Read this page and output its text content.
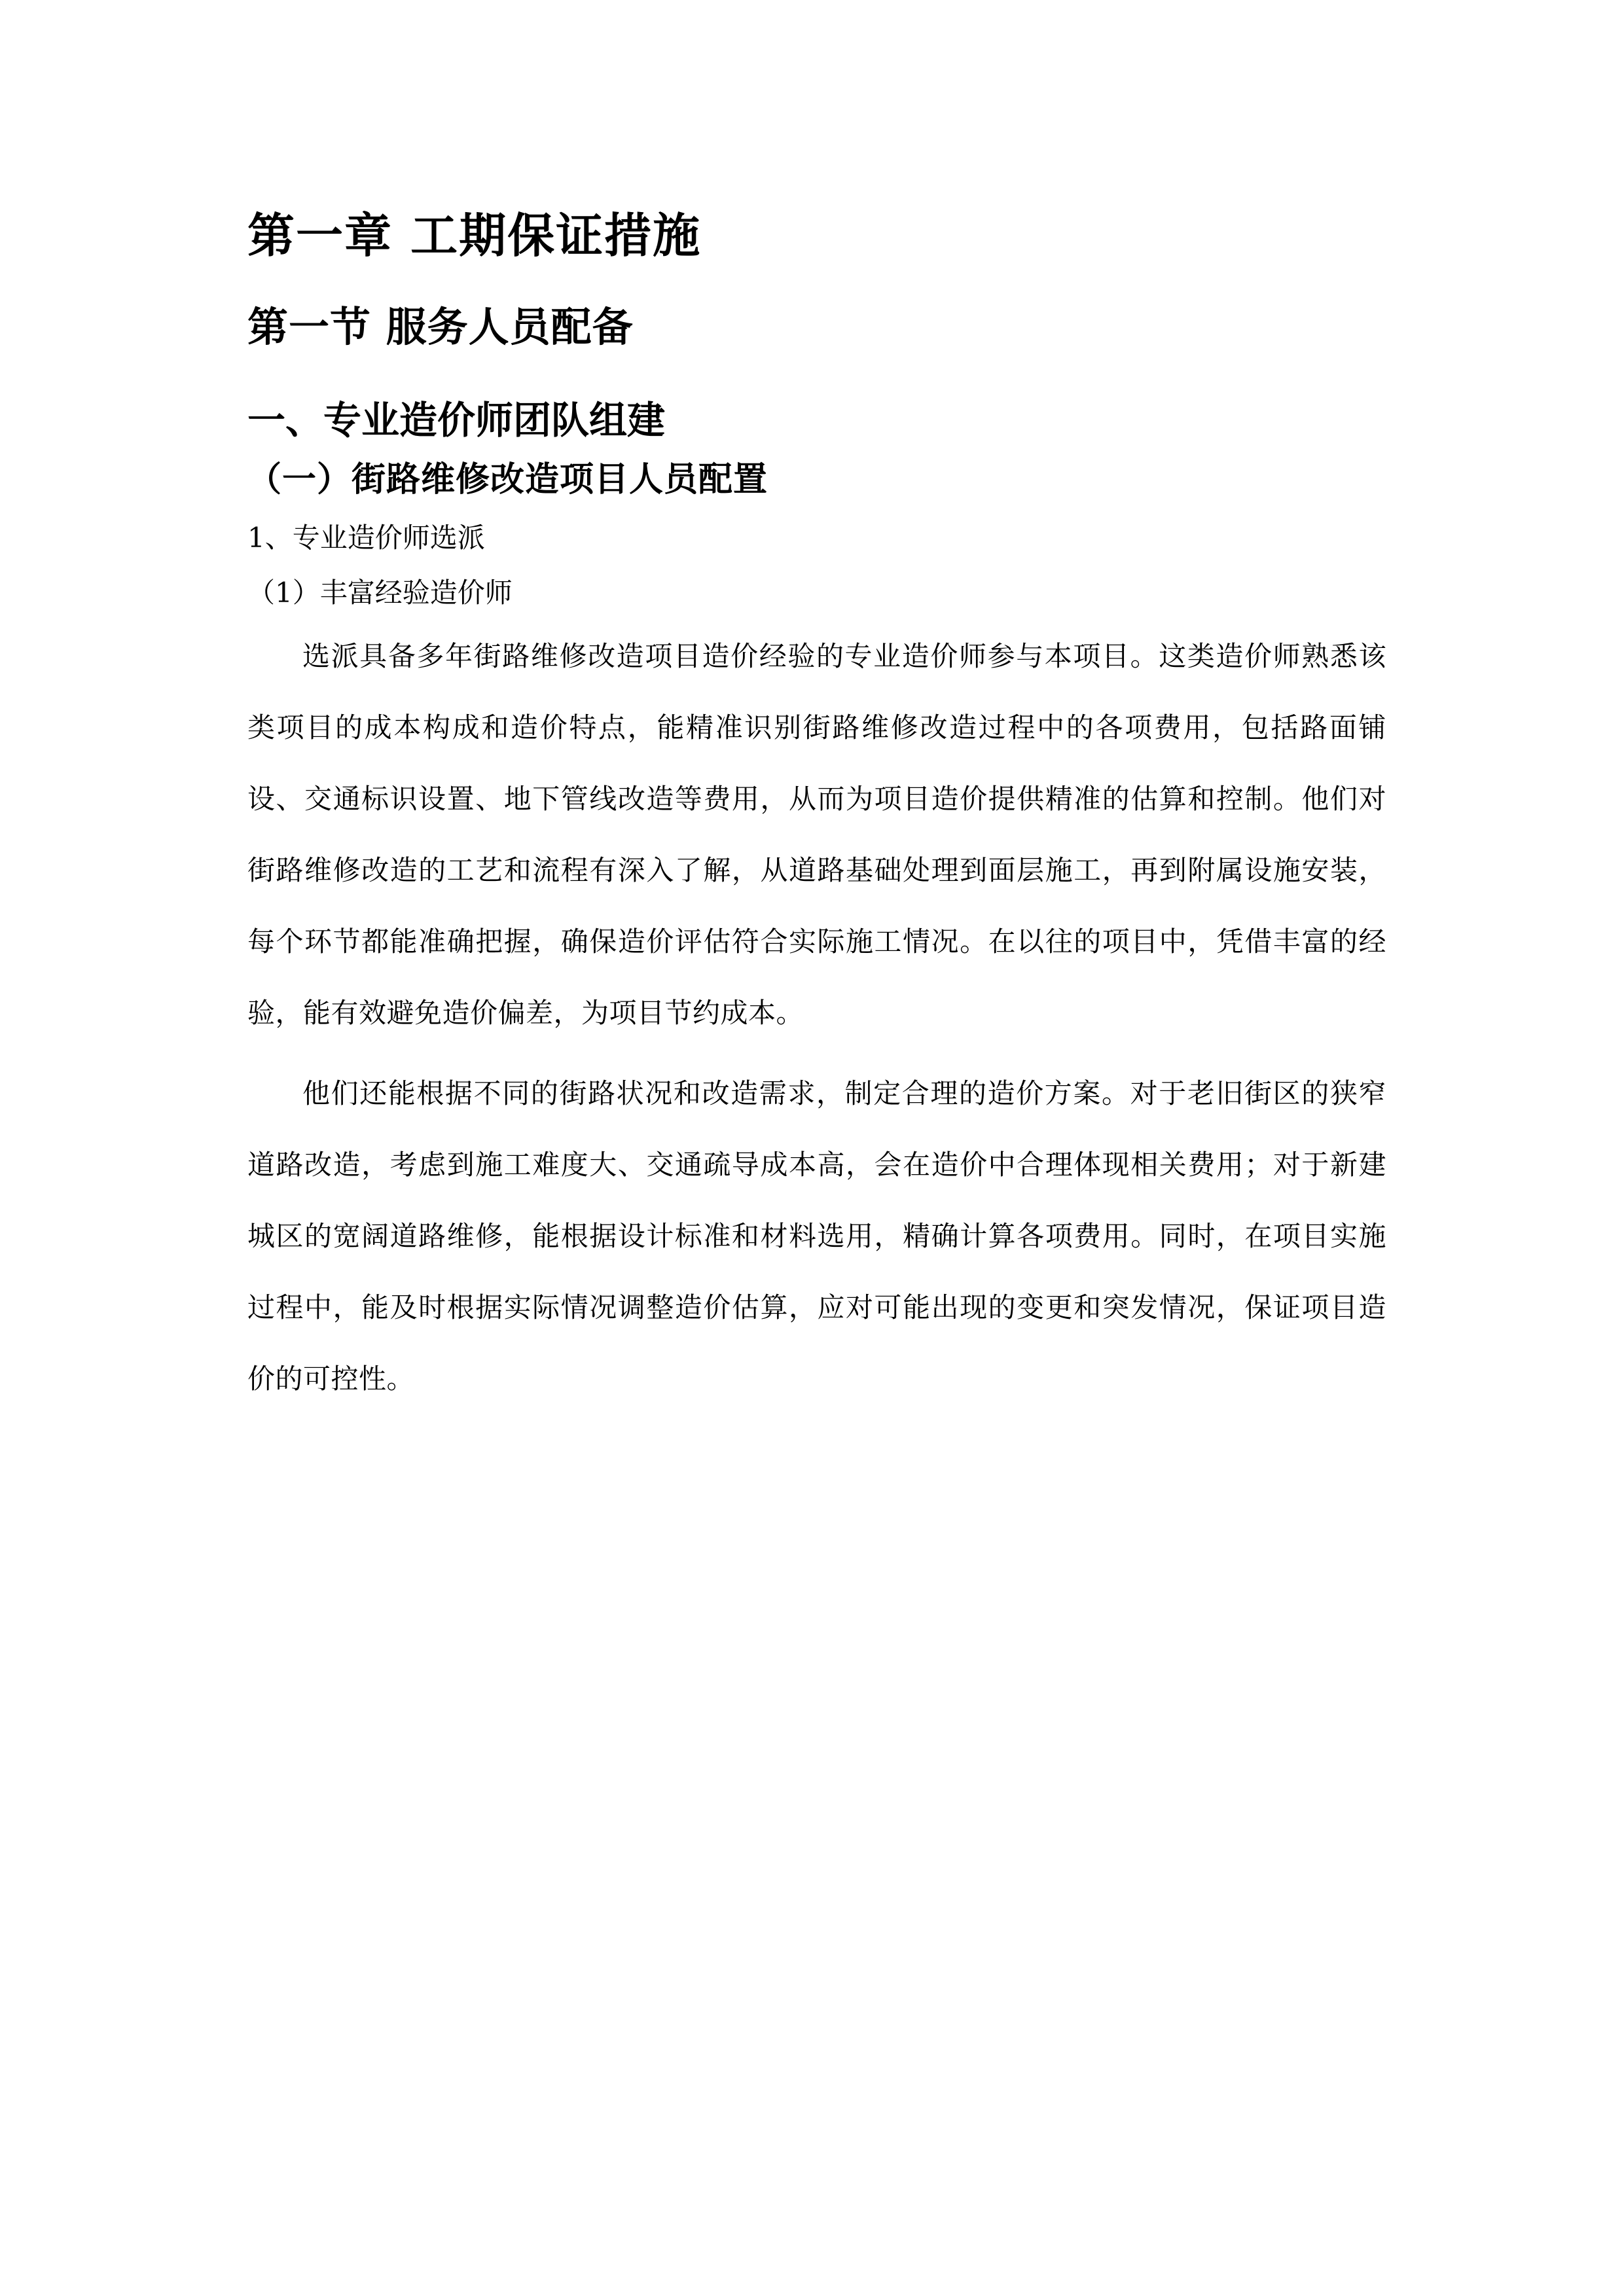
第一章 工期保证措施
第一节 服务人员配备
一、专业造价师团队组建
（一）街路维修改造项目人员配置
1、专业造价师选派
（1）丰富经验造价师

选派具备多年街路维修改造项目造价经验的专业造价师参与本项目。这类造价师熟悉该类项目的成本构成和造价特点，能精准识别街路维修改造过程中的各项费用，包括路面铺设、交通标识设置、地下管线改造等费用，从而为项目造价提供精准的估算和控制。他们对街路维修改造的工艺和流程有深入了解，从道路基础处理到面层施工，再到附属设施安装，每个环节都能准确把握，确保造价评估符合实际施工情况。在以往的项目中，凭借丰富的经验，能有效避免造价偏差，为项目节约成本。

他们还能根据不同的街路状况和改造需求，制定合理的造价方案。对于老旧街区的狭窄道路改造，考虑到施工难度大、交通疏导成本高，会在造价中合理体现相关费用；对于新建城区的宽阔道路维修，能根据设计标准和材料选用，精确计算各项费用。同时，在项目实施过程中，能及时根据实际情况调整造价估算，应对可能出现的变更和突发情况，保证项目造价的可控性。
